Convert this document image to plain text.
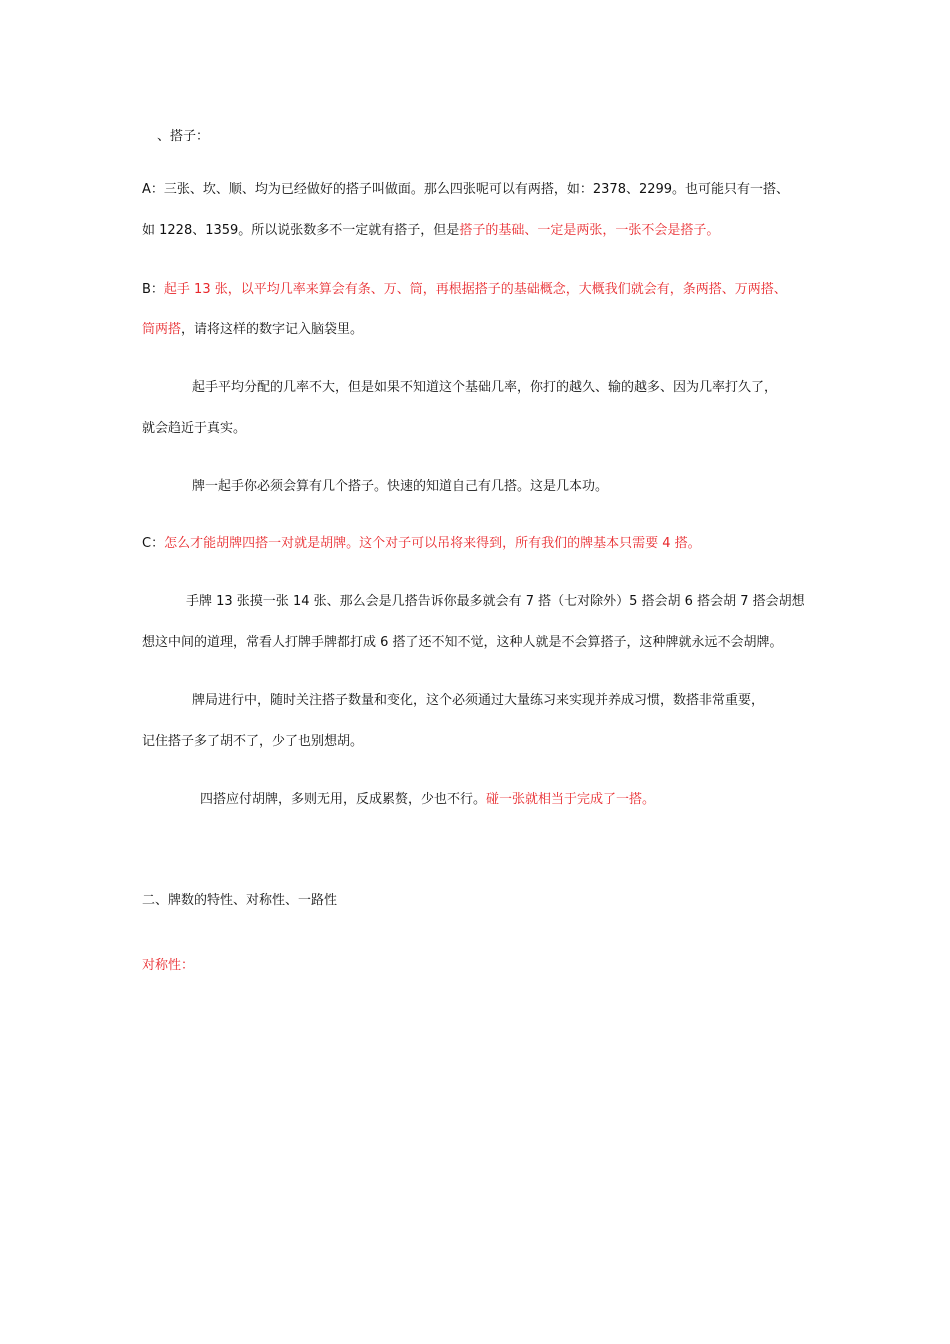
、搭子：
A：三张、坎、顺、均为已经做好的搭子叫做面。那么四张呢可以有两搭，如：2378、2299。也可能只有一搭、
如 1228、1359。所以说张数多不一定就有搭子，但是搭子的基础、一定是两张，一张不会是搭子。
B：起手 13 张，以平均几率来算会有条、万、筒，再根据搭子的基础概念，大概我们就会有，条两搭、万两搭、
筒两搭，请将这样的数字记入脑袋里。
起手平均分配的几率不大，但是如果不知道这个基础几率，你打的越久、输的越多、因为几率打久了，
就会趋近于真实。
牌一起手你必须会算有几个搭子。快速的知道自己有几搭。这是几本功。
C：怎么才能胡牌四搭一对就是胡牌。这个对子可以吊将来得到，所有我们的牌基本只需要 4 搭。
手牌 13 张摸一张 14 张、那么会是几搭告诉你最多就会有 7 搭（七对除外）5 搭会胡 6 搭会胡 7 搭会胡想
想这中间的道理，常看人打牌手牌都打成 6 搭了还不知不觉，这种人就是不会算搭子，这种牌就永远不会胡牌。
牌局进行中，随时关注搭子数量和变化，这个必须通过大量练习来实现并养成习惯，数搭非常重要，
记住搭子多了胡不了，少了也别想胡。
四搭应付胡牌，多则无用，反成累赘，少也不行。碰一张就相当于完成了一搭。
二、牌数的特性、对称性、一路性
对称性：
